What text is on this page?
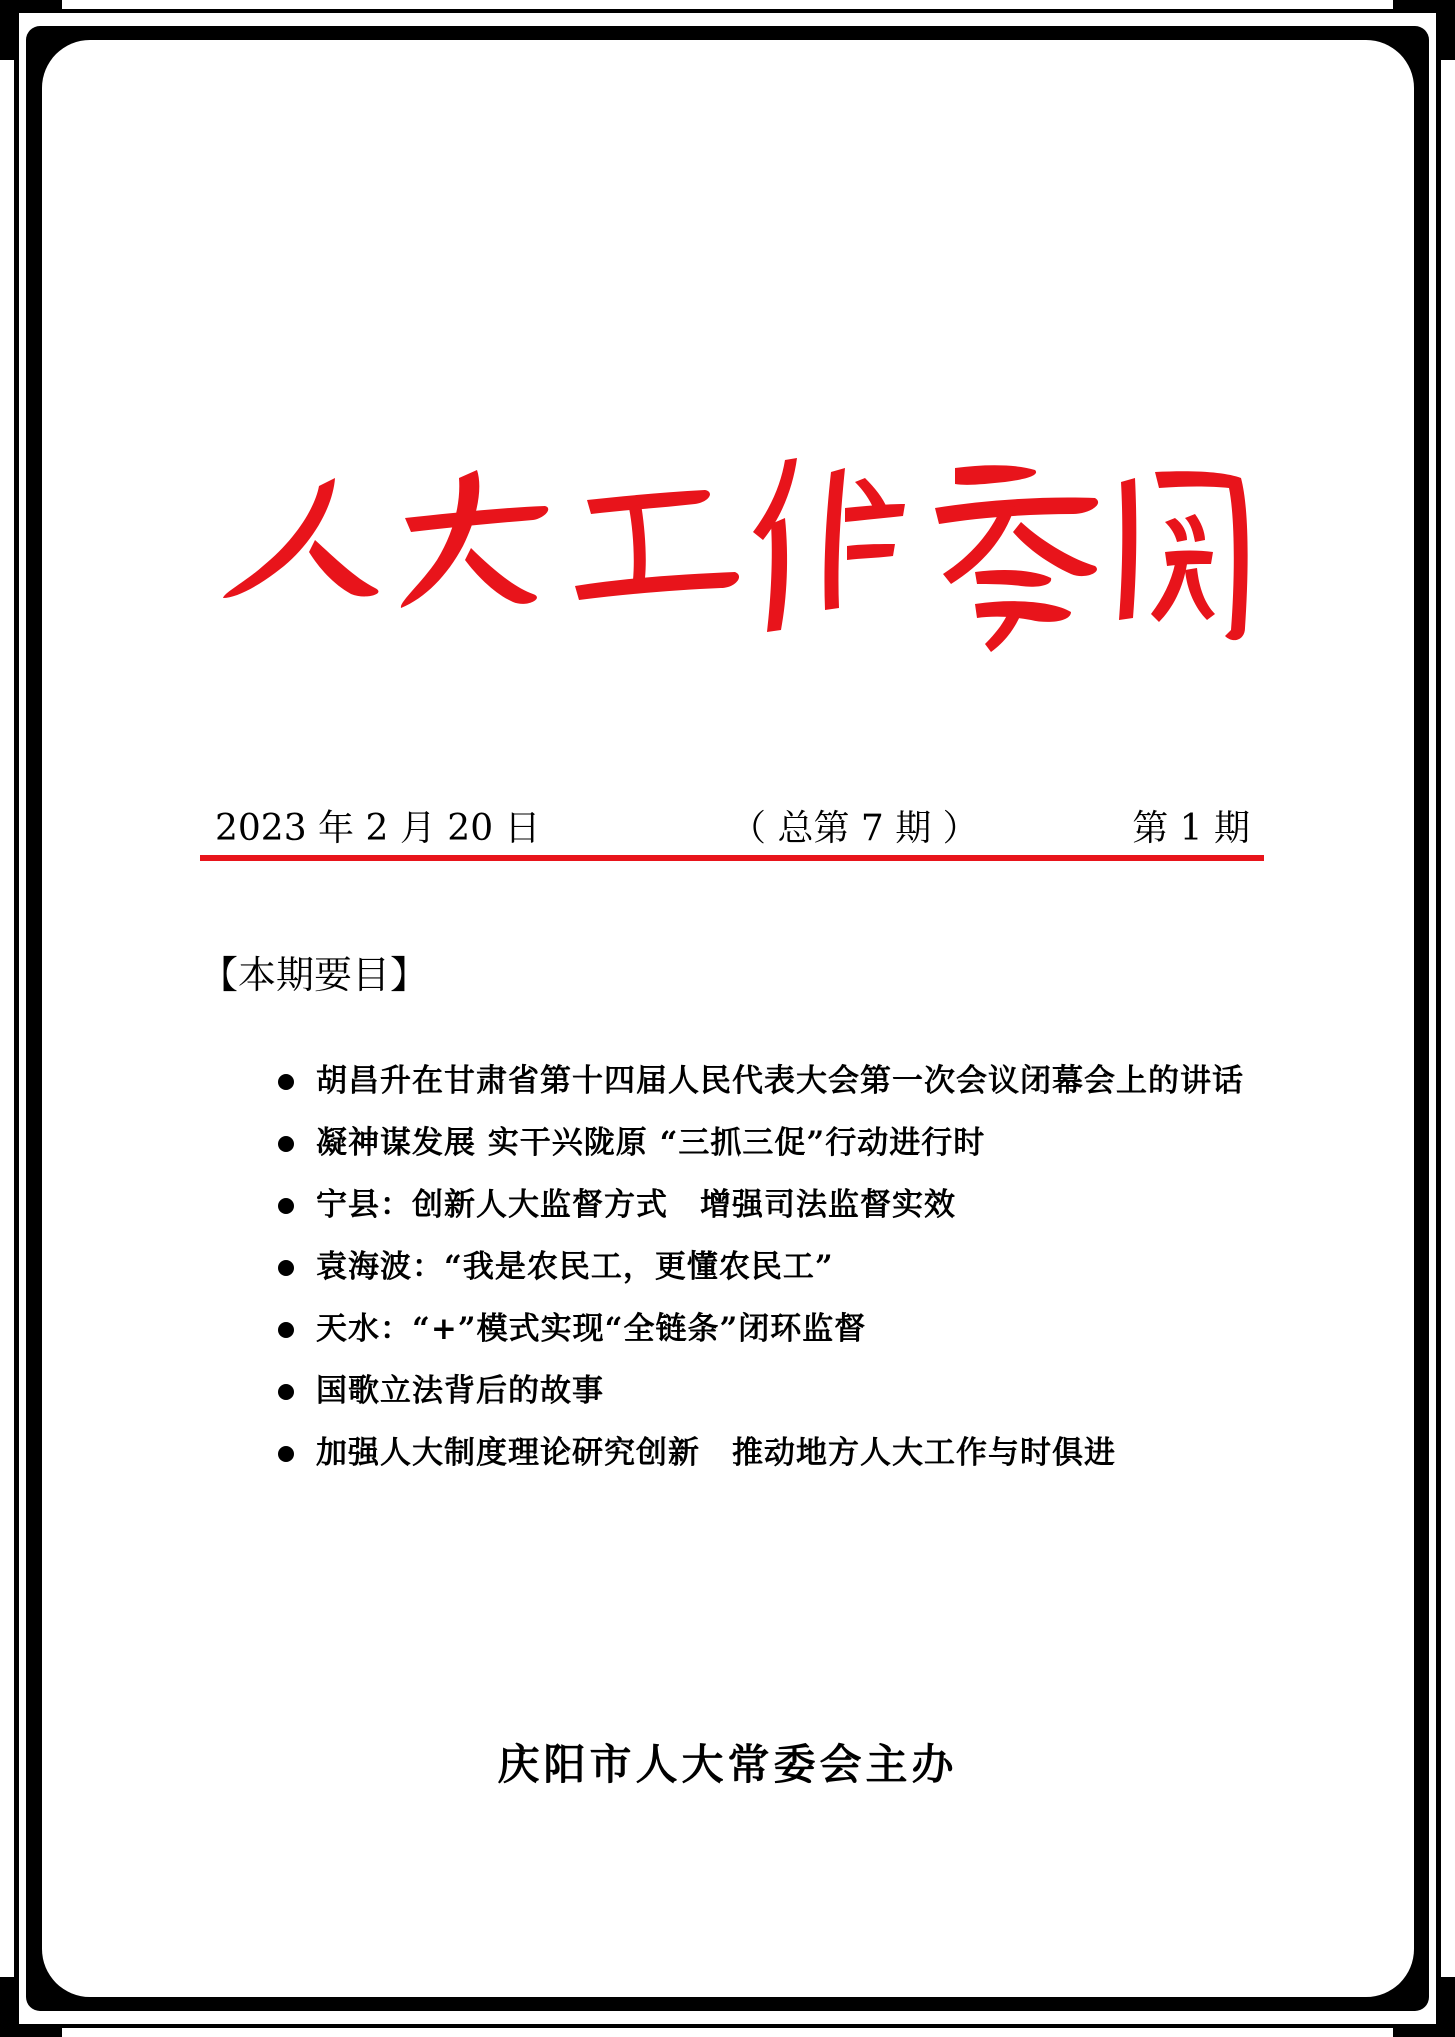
2023 年 2 月 20 日	（ 总第 7 期 ）	第 1 期
【本期要目】
胡昌升在甘肃省第十四届人民代表大会第一次会议闭幕会上的讲话
凝神谋发展 实干兴陇原 “三抓三促”行动进行时
宁县：创新人大监督方式　增强司法监督实效
袁海波：“我是农民工，更懂农民工”
天水：“+”模式实现“全链条”闭环监督
国歌立法背后的故事
加强人大制度理论研究创新　推动地方人大工作与时俱进
庆阳市人大常委会主办
